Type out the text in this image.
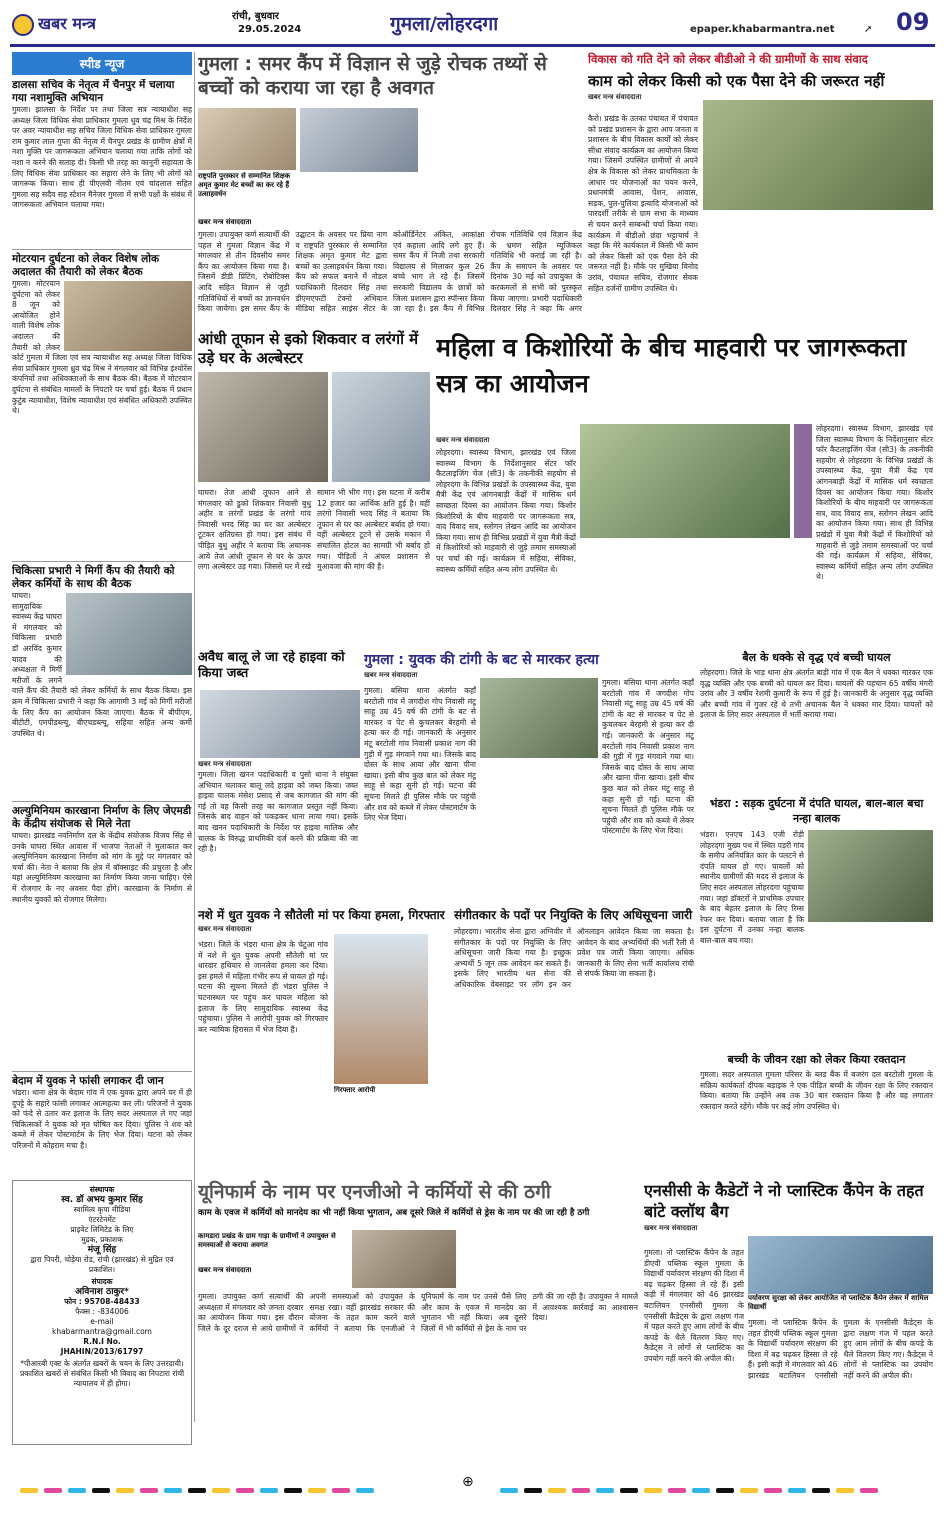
खबर मन्त्र	रांची, बुधवार
29.05.2024	गुमला/लोहरदगा	epaper.khabarmantra.net	➚ 09
स्पीड न्यूज
डालसा सचिव के नेतृत्व में चैनपुर में चलाया गया नशामुक्ति अभियान
गुमला। झालसा के निर्देश पर तथा जिला सत्र न्यायाधीश सह अध्यक्ष जिला विधिक सेवा प्राधिकार गुमला धुव चंद्र मिश्र के निर्देश पर अवर न्यायाधीश सह सचिव जिला विधिक सेवा प्राधिकार गुमला राम कुमार लाल गुप्ता की नेतृत्व में चैनपुर प्रखंड के ग्रामीण क्षेत्रों में नशा मुक्ति पर जागरूकता अभियान चलाया गया ताकि लोगों को नशा न करने की सलाह दी। किसी भी तरह का कानूनी सहायता के लिए विधिक सेवा प्राधिकार का सहारा लेने के लिए भी लोगों को जागरूक किया। साथ ही पीएलवी नीतम एवं चांदलाल सहित गुमला सह सदैव सह स्टेशन मैनेजर गुमला में सभी पक्षों के संबंध में जागरूकता अभियान चलाया गया।
मोटरयान दुर्घटना को लेकर विशेष लोक अदालत की तैयारी को लेकर बैठक
गुमला। मोटरयान दुर्घटना को लेकर 8 जून को आयोजित होने वाली विशेष लोक अदालत की तैयारी को लेकर कोर्ट गुमला में जिला एवं सत्र न्यायाधीश सह अध्यक्ष जिला विधिक सेवा प्राधिकार गुमला ध्रुव चंद्र मिश्र ने मंगलवार को विभिन्न इंश्योरेंस कंपनियों तथा अधिवक्ताओं के साथ बैठक की। बैठक में मोटरयान दुर्घटना से संबंधित मामलों के निपटारे पर चर्चा हुई। बैठक में प्रधान कुटुंब न्यायाधीश, विशेष न्यायाधीश एवं संबंधित अधिकारी उपस्थित थे।
चिकित्सा प्रभारी ने मिर्गी कैंप की तैयारी को लेकर कर्मियों के साथ की बैठक
घाघरा। सामुदायिक स्वास्थ्य केंद्र घाघरा में मंगलवार को चिकित्सा प्रभारी डॉ अरविंद कुमार यादव की अध्यक्षता में मिर्गी मरीजों के लगने वाले कैंप की तैयारी को लेकर कर्मियों के साथ बैठक किया। इस क्रम में चिकित्सा प्रभारी ने कहा कि आगामी 3 मई को मिर्गी मरीजों के लिए कैंप का आयोजन किया जाएगा। बैठक में बीपीएम, बीटीटी, एमपीडब्ल्यू, बीएचडब्ल्यू, सहिया सहित अन्य कर्मी उपस्थित थे।
अल्युमिनियम कारखाना निर्माण के लिए जेएमडी के केंद्रीय संयोजक से मिले नेता
घाघरा। झारखंड नवनिर्माण दल के केंद्रीय संयोजक विजय सिंह से उनके घाघरा स्थित आवास में भाजपा नेताओं ने मुलाकात कर अल्युमिनियम कारखाना निर्माण को मांग के मुद्दे पर मंगलवार को चर्चा की। नेता ने बताया कि क्षेत्र में बॉक्साइट की प्रचुरता है और यहां अल्युमिनियम कारखाना का निर्माण किया जाना चाहिए। ऐसे में रोजगार के नए अवसर पैदा होंगे। कारखाना के निर्माण से स्थानीय युवकों को रोजगार मिलेगा।
बेदाम में युवक ने फांसी लगाकर दी जान
भंडरा। थाना क्षेत्र के बेदाम गांव में एक युवक द्वारा अपने घर में ही दुपट्टे के सहारे फांसी लगाकर आत्महत्या कर ली। परिजनों ने युवक को फंदे से उतार कर इलाज के लिए सदर अस्पताल ले गए जहां चिकित्सकों ने युवक को मृत घोषित कर दिया। पुलिस ने शव को कब्जे में लेकर पोस्टमार्टम के लिए भेज दिया। घटना को लेकर परिजनों में कोहराम मचा है।
गुमला : समर कैंप में विज्ञान से जुड़े रोचक तथ्यों से बच्चों को कराया जा रहा है अवगत
राष्ट्रपति पुरस्कार से सम्मानित शिक्षक अमृत कुमार मेट बच्चों का कर रहे हैं उत्साहवर्धन
खबर मन्त्र संवाददाता
गुमला। उपायुक्त कर्ण सत्यार्थी की पहल से गुमला विज्ञान केंद्र में मंगलवार से तीन दिवसीय समर कैंप का आयोजन किया गया है। जिसमें डीडी प्रिंटिंग, रोबोटिक्स आदि सहित विज्ञान से जुड़ी गतिविधियों से बच्चों का ज्ञानवर्धन किया जायेगा। इस समर कैंप के उद्घाटन के अवसर पर प्रिया नाग व राष्ट्रपति पुरस्कार से सम्मानित शिक्षक अमृत कुमार मेट द्वारा बच्चों का उत्साहवर्धन किया गया। कैंप को सफल बनाने में नोडल पदाधिकारी दिलदार सिंह तथा डीएमएफटी टेक्नो अभियान मीडिया सहित साइंस सेंटर के कोऑर्डिनेटर अंकित, आकांक्षा एवं कहाला आदि लगे हुए हैं। समर कैंप में निजी तथा सरकारी विद्यालय से मिलाकर कुल 26 बच्चे भाग ले रहे हैं। जिसमें सरकारी विद्यालय के छात्रों को जिला प्रशासन द्वारा स्पॉन्सर किया जा रहा है। इस कैंप में विभिन्न रोचक गतिविधि एवं विज्ञान केंद्र के भ्रमण सहित म्यूजिकल गतिविधि भी कराई जा रही है। कैंप के समापन के अवसर पर दिनांक 30 मई को उपायुक्त के करकमलों से सभी को पुरस्कृत किया जाएगा। प्रभारी पदाधिकारी दिलदार सिंह ने कहा कि अगर
विकास को गति देने को लेकर बीडीओ ने की ग्रामीणों के साथ संवाद
काम को लेकर किसी को एक पैसा देने की जरूरत नहीं
खबर मन्त्र संवाददाता
कैरो। प्रखंड के उतका पंचायत में पंचायत को प्रखंड प्रशासन के द्वारा आप जनता व प्रशासन के बीच विकास कार्यों को लेकर सीधा संवाद कार्यक्रम का आयोजन किया गया। जिसमें उपस्थित ग्रामीणों से अपने क्षेत्र के विकास को लेकर प्राथमिकता के आधार पर योजनाओं का चयन करने, प्रधानमंत्री आवास, पेंशन, आवास, सड़क, पुल-पुलिया इत्यादि योजनाओं को पारदर्शी तरीके से ग्राम सभा के माध्यम से चयन करने सम्बन्धी चर्चा किया गया। कार्यक्रम में बीडीओ छंदा भट्टाचार्य ने कहा कि मेरे कार्यकाल में किसी भी काम को लेकर किसी को एक पैसा देने की जरूरत नहीं है। मौके पर मुखिया विनोद उरांव, पंचायत सचिव, रोजगार सेवक सहित दर्जनों ग्रामीण उपस्थित थे।
आंधी तूफान से इको शिकवार व लरंगों में उड़े घर के अल्बेस्टर
घाघरा। तेज आंधी तूफान आने से मंगलवार को डुको शिकवार निवासी बुधु अहीर व लरंगों प्रखंड के लरंगो गांव निवासी भरद सिंह का घर का अल्बेस्टर टूटकर क्षतिग्रस्त हो गया। इस संबंध में पीड़ित बुधु अहीर ने बताया कि अचानक आये तेज आंधी तूफान से घर के ऊपर लगा अल्बेस्टर उड़ गया। जिससे घर में रखे सामान भी भीग गए। इस घटना में करीब 12 हजार का आर्थिक क्षति हुई है। वहीं लरंगो निवासी भरद सिंह ने बताया कि तूफान से घर का अल्बेस्टर बर्बाद हो गया। वहीं अल्बेस्टर टूटने से उसके मकान में संचालित होटल का सामग्री भी बर्बाद हो गया। पीड़ितों ने अंचल प्रशासन से मुआवजा की मांग की है।
महिला व किशोरियों के बीच माहवारी पर जागरूकता सत्र का आयोजन
खबर मन्त्र संवाददाता
लोहरदगा। स्वास्थ्य विभाग, झारखंड एवं जिला स्वास्थ्य विभाग के निर्देशानुसार सेंटर फॉर कैटलाइजिंग चेंज (सी3) के तकनीकी सहयोग से लोहरदगा के विभिन्न प्रखंडों के उपस्वास्थ्य केंद्र, युवा मैत्री केंद्र एवं आंगनबाड़ी केंद्रों में मासिक धर्म स्वच्छता दिवस का आयोजन किया गया। किशोर किशोरियों के बीच माहवारी पर जागरूकता सत्र, वाद विवाद सत्र, स्लोगन लेखन आदि का आयोजन किया गया। साथ ही विभिन्न प्रखंडों में युवा मैत्री केंद्रों में किशोरियों को माहवारी से जुड़े तमाम समस्याओं पर चर्चा की गई। कार्यक्रम में सहिया, सेविका, स्वास्थ्य कर्मियों सहित अन्य लोग उपस्थित थे।
लोहरदगा। स्वास्थ्य विभाग, झारखंड एवं जिला स्वास्थ्य विभाग के निर्देशानुसार सेंटर फॉर कैटलाइजिंग चेंज (सी3) के तकनीकी सहयोग से लोहरदगा के विभिन्न प्रखंडों के उपस्वास्थ्य केंद्र, युवा मैत्री केंद्र एवं आंगनबाड़ी केंद्रों में मासिक धर्म स्वच्छता दिवस का आयोजन किया गया। किशोर किशोरियों के बीच माहवारी पर जागरूकता सत्र, वाद विवाद सत्र, स्लोगन लेखन आदि का आयोजन किया गया। साथ ही विभिन्न प्रखंडों में युवा मैत्री केंद्रों में किशोरियों को माहवारी से जुड़े तमाम समस्याओं पर चर्चा की गई। कार्यक्रम में सहिया, सेविका, स्वास्थ्य कर्मियों सहित अन्य लोग उपस्थित थे।
अवैध बालू ले जा रहे हाइवा को किया जब्त
खबर मन्त्र संवाददाता
गुमला। जिला खनन पदाधिकारी व पुसो थाना ने संयुक्त अभियान चलाकर बालू लदे हाइवा को जब्त किया। जब्त हाइवा चालक मंसेश प्रसाद से जब कागजात की मांग की गई तो वह किसी तरह का कागजात प्रस्तुत नहीं किया। जिसके बाद वाहन को पकड़कर थाना लाया गया। इसके बाद खनन पदाधिकारी के निर्देश पर हाइवा मालिक और चालक के विरुद्ध प्राथमिकी दर्ज करने की प्रक्रिया की जा रही है।
गुमला : युवक की टांगी के बट से मारकर हत्या
खबर मन्त्र संवाददाता
गुमला। बसिया थाना अंतर्गत कहाँ बरटोली गांव में जगदीश गोप निवासी मंटू साहू उम्र 45 वर्ष की टांगी के बट से मारकर व पेट से कुचलकर बेरहमी से हत्या कर दी गई। जानकारी के अनुसार मंटू बरटोली गांव निवासी प्रकाश नाग की गुड़ी में गुड़ मंगवाने गया था। जिसके बाद दोस्त के साथ आया और खाना पीना खाया। इसी बीच कुछ बात को लेकर मंटू साहू से कहा सुनी हो गई। घटना की सूचना मिलते ही पुलिस मौके पर पहुंची और शव को कब्जे में लेकर पोस्टमार्टम के लिए भेज दिया।
गुमला। बसिया थाना अंतर्गत कहाँ बरटोली गांव में जगदीश गोप निवासी मंटू साहू उम्र 45 वर्ष की टांगी के बट से मारकर व पेट से कुचलकर बेरहमी से हत्या कर दी गई। जानकारी के अनुसार मंटू बरटोली गांव निवासी प्रकाश नाग की गुड़ी में गुड़ मंगवाने गया था। जिसके बाद दोस्त के साथ आया और खाना पीना खाया। इसी बीच कुछ बात को लेकर मंटू साहू से कहा सुनी हो गई। घटना की सूचना मिलते ही पुलिस मौके पर पहुंची और शव को कब्जे में लेकर पोस्टमार्टम के लिए भेज दिया।
बैल के धक्के से वृद्ध एवं बच्ची घायल
लोहरदगा। जिले के भाड़ थाना क्षेत्र अंतर्गत बाड़ी गांव में एक बैल ने धक्का मारकर एक वृद्ध व्यक्ति और एक बच्ची को घायल कर दिया। घायलों की पहचान 65 वर्षीय मंगरी उरांव और 3 वर्षीय रेशमी कुमारी के रूप में हुई है। जानकारी के अनुसार वृद्ध व्यक्ति और बच्ची गांव में गुजर रहे थे तभी अचानक बैल ने धक्का मार दिया। घायलों को इलाज के लिए सदर अस्पताल में भर्ती कराया गया।
भंडरा : सड़क दुर्घटना में दंपति घायल, बाल-बाल बचा नन्हा बालक
भंडरा। एनएच 143 एजी रोड़ी लोहरदगा मुख्य पथ में स्थित पड़री गांव के समीप अनियंत्रित कार के पलटने से दंपति घायल हो गए। घायलों को स्थानीय ग्रामीणों की मदद से इलाज के लिए सदर अस्पताल लोहरदगा पहुंचाया गया। जहां डॉक्टरों ने प्राथमिक उपचार के बाद बेहतर इलाज के लिए रिम्स रेफर कर दिया। बताया जाता है कि इस दुर्घटना में उनका नन्हा बालक बाल-बाल बच गया।
नशे में धुत युवक ने सौतेली मां पर किया हमला, गिरफ्तार
खबर मन्त्र संवाददाता
भंडरा। जिले के भंडरा थाना क्षेत्र के चेटुआ गांव में नशे में धुत युवक अपनी सौतेली मां पर धारदार हथियार से जानलेवा हमला कर दिया। इस हमले में महिला गंभीर रूप से घायल हो गई। घटना की सूचना मिलते ही भंडरा पुलिस ने घटनास्थल पर पहुंच कर घायल महिला को इलाज के लिए सामुदायिक स्वास्थ्य केंद्र पहुंचाया। पुलिस ने आरोपी युवक को गिरफ्तार कर न्यायिक हिरासत में भेज दिया है।
गिरफ्तार आरोपी
संगीतकार के पदों पर नियुक्ति के लिए अधिसूचना जारी
लोहरदगा। भारतीय सेना द्वारा अग्निवीर में संगीतकार के पदों पर नियुक्ति के लिए अधिसूचना जारी किया गया है। इच्छुक अभ्यर्थी 5 जून तक आवेदन कर सकते हैं। इसके लिए भारतीय थल सेना की अधिकारिक वेबसाइट पर लॉग इन कर ऑनलाइन आवेदन किया जा सकता है। आवेदन के बाद अभ्यर्थियों की भर्ती रैली में प्रवेश पत्र जारी किया जाएगा। अधिक जानकारी के लिए सेना भर्ती कार्यालय रांची से संपर्क किया जा सकता है।
बच्ची के जीवन रक्षा को लेकर किया रक्तदान
गुमला। सदर अस्पताल गुमला परिसर के ब्लड बैंक में बजरंग दल बरटोली गुमला के सक्रिय कार्यकर्ता दीपक बड़ाइक ने एक पीड़ित बच्ची के जीवन रक्षा के लिए रक्तदान किया। बताया कि उन्होंने अब तक 30 बार रक्तदान किया है और वह लगातार रक्तदान करते रहेंगे। मौके पर कई लोग उपस्थित थे।
संस्थापक
स्व. डॉ अभय कुमार सिंह
स्वामित्व कृपा मीडिया
एंटरटेनमेंट
प्राइवेट लिमिटेड के लिए
मुद्रक, प्रकाशक
मंजू सिंह
द्वारा पिपरी, चोड़ेया रोड, रांची (झारखंड) से मुद्रित एवं प्रकाशित।
संपादक
अविनाश ठाकुर*
फोन : 95708-48433
फैक्स : -834006
e-mail
khabarmantra@gmail.com
R.N.I No.
JHAHIN/2013/61797
*पीआरबी एक्ट के अंतर्गत खबरों के चयन के लिए उत्तरदायी। प्रकाशित खबरों से संबंधित किसी भी विवाद का निपटारा रांची न्यायालय में ही होगा।
यूनिफार्म के नाम पर एनजीओ ने कर्मियों से की ठगी
काम के एवज में कर्मियों को मानदेय का भी नहीं किया भुगतान, अब दूसरे जिले में कर्मियों से ड्रेस के नाम पर की जा रही है ठगी
कामडारा प्रखंड के ग्राम गाड़ा के ग्रामीणों ने उपायुक्त से समस्याओं से कराया अवगत
खबर मन्त्र संवाददाता
गुमला। उपायुक्त कर्ण सत्यार्थी की अध्यक्षता में मंगलवार को जनता दरबार का आयोजन किया गया। इस दौरान जिले के दूर दराज से आये ग्रामीणों ने अपनी समस्याओं को उपायुक्त के समक्ष रखा। वहीं झारखंड सरकार की योजना के तहत काम करने वाले कर्मियों ने बताया कि एनजीओ ने यूनिफार्म के नाम पर उनसे पैसे लिए और काम के एवज में मानदेय का भुगतान भी नहीं किया। अब दूसरे जिलों में भी कर्मियों से ड्रेस के नाम पर ठगी की जा रही है। उपायुक्त ने मामले में आवश्यक कार्रवाई का आश्वासन दिया।
एनसीसी के कैडेटों ने नो प्लास्टिक कैंपेन के तहत बांटे क्लॉथ बैग
खबर मन्त्र संवाददाता
पर्यावरण सुरक्षा को लेकर आयोजित नो प्लास्टिक कैंपेन लेकर में शामिल विद्यार्थी
गुमला। नो प्लास्टिक कैंपेन के तहत डीएवी पब्लिक स्कूल गुमला के विद्यार्थी पर्यावरण संरक्षण की दिशा में बढ़ चढ़कर हिस्सा ले रहे हैं। इसी कड़ी में मंगलवार को 46 झारखंड बटालियन एनसीसी गुमला के एनसीसी कैडेट्स के द्वारा लक्षण गंज में पहल करते हुए आम लोगों के बीच कपड़े के थैले वितरण किए गए। कैडेट्स ने लोगों से प्लास्टिक का उपयोग नहीं करने की अपील की।
गुमला। नो प्लास्टिक कैंपेन के तहत डीएवी पब्लिक स्कूल गुमला के विद्यार्थी पर्यावरण संरक्षण की दिशा में बढ़ चढ़कर हिस्सा ले रहे हैं। इसी कड़ी में मंगलवार को 46 झारखंड बटालियन एनसीसी गुमला के एनसीसी कैडेट्स के द्वारा लक्षण गंज में पहल करते हुए आम लोगों के बीच कपड़े के थैले वितरण किए गए। कैडेट्स ने लोगों से प्लास्टिक का उपयोग नहीं करने की अपील की।
⊕
